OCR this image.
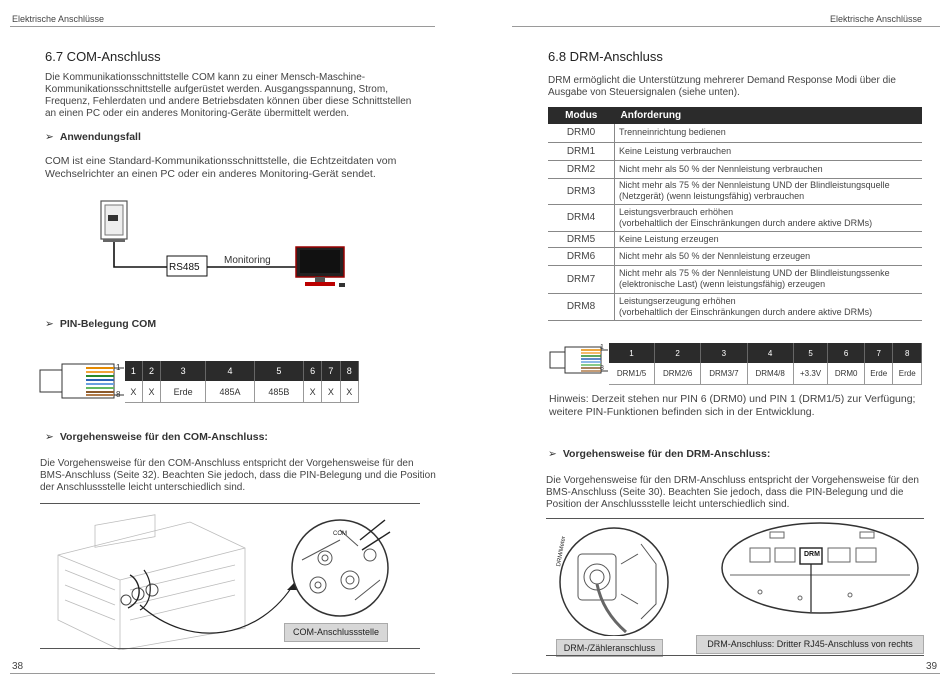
Elektrische Anschlüsse
6.7 COM-Anschluss
Die Kommunikationsschnittstelle COM kann zu einer Mensch-Maschine-
Kommunikationsschnittstelle aufgerüstet werden. Ausgangsspannung, Strom,
Frequenz, Fehlerdaten und andere Betriebsdaten können über diese Schnittstellen
an einen PC oder ein anderes Monitoring-Geräte übermittelt werden.
➢ Anwendungsfall
COM ist eine Standard-Kommunikationsschnittstelle, die Echtzeitdaten vom
Wechselrichter an einen PC oder ein anderes Monitoring-Gerät sendet.
RS485
Monitoring
➢ PIN-Belegung COM
1
8
1	2	3	4	5	6	7	8
X	X	Erde	485A	485B	X	X	X
➢ Vorgehensweise für den COM-Anschluss:
Die Vorgehensweise für den COM-Anschluss entspricht der Vorgehensweise für den
BMS-Anschluss (Seite 32). Beachten Sie jedoch, dass die PIN-Belegung und die Position
der Anschlussstelle leicht unterschiedlich sind.
COM
COM-Anschlussstelle
38
Elektrische Anschlüsse
6.8 DRM-Anschluss
DRM ermöglicht die Unterstützung mehrerer Demand Response Modi über die
Ausgabe von Steuersignalen (siehe unten).
Modus	Anforderung
DRM0	Trenneinrichtung bedienen

DRM1	Keine Leistung verbrauchen

DRM2	Nicht mehr als 50 % der Nennleistung verbrauchen

DRM3	Nicht mehr als 75 % der Nennleistung UND der Blindleistungsquelle
(Netzgerät) (wenn leistungsfähig) verbrauchen

DRM4	Leistungsverbrauch erhöhen
(vorbehaltlich der Einschränkungen durch andere aktive DRMs)

DRM5	Keine Leistung erzeugen

DRM6	Nicht mehr als 50 % der Nennleistung erzeugen

DRM7	Nicht mehr als 75 % der Nennleistung UND der Blindleistungssenke
(elektronische Last) (wenn leistungsfähig) erzeugen

DRM8	Leistungserzeugung erhöhen
(vorbehaltlich der Einschränkungen durch andere aktive DRMs)
1
8
1	2	3	4	5	6	7	8
DRM1/5	DRM2/6	DRM3/7	DRM4/8	+3.3V	DRM0	Erde	Erde
Hinweis: Derzeit stehen nur PIN 6 (DRM0) und PIN 1 (DRM1/5) zur Verfügung;
weitere PIN-Funktionen befinden sich in der Entwicklung.
➢ Vorgehensweise für den DRM-Anschluss:
Die Vorgehensweise für den DRM-Anschluss entspricht der Vorgehensweise für den
BMS-Anschluss (Seite 30). Beachten Sie jedoch, dass die PIN-Belegung und die
Position der Anschlussstelle leicht unterschiedlich sind.
DRM/Meter
DRM-/Zähleranschluss
DRM
DRM-Anschluss: Dritter RJ45-Anschluss von rechts
39
